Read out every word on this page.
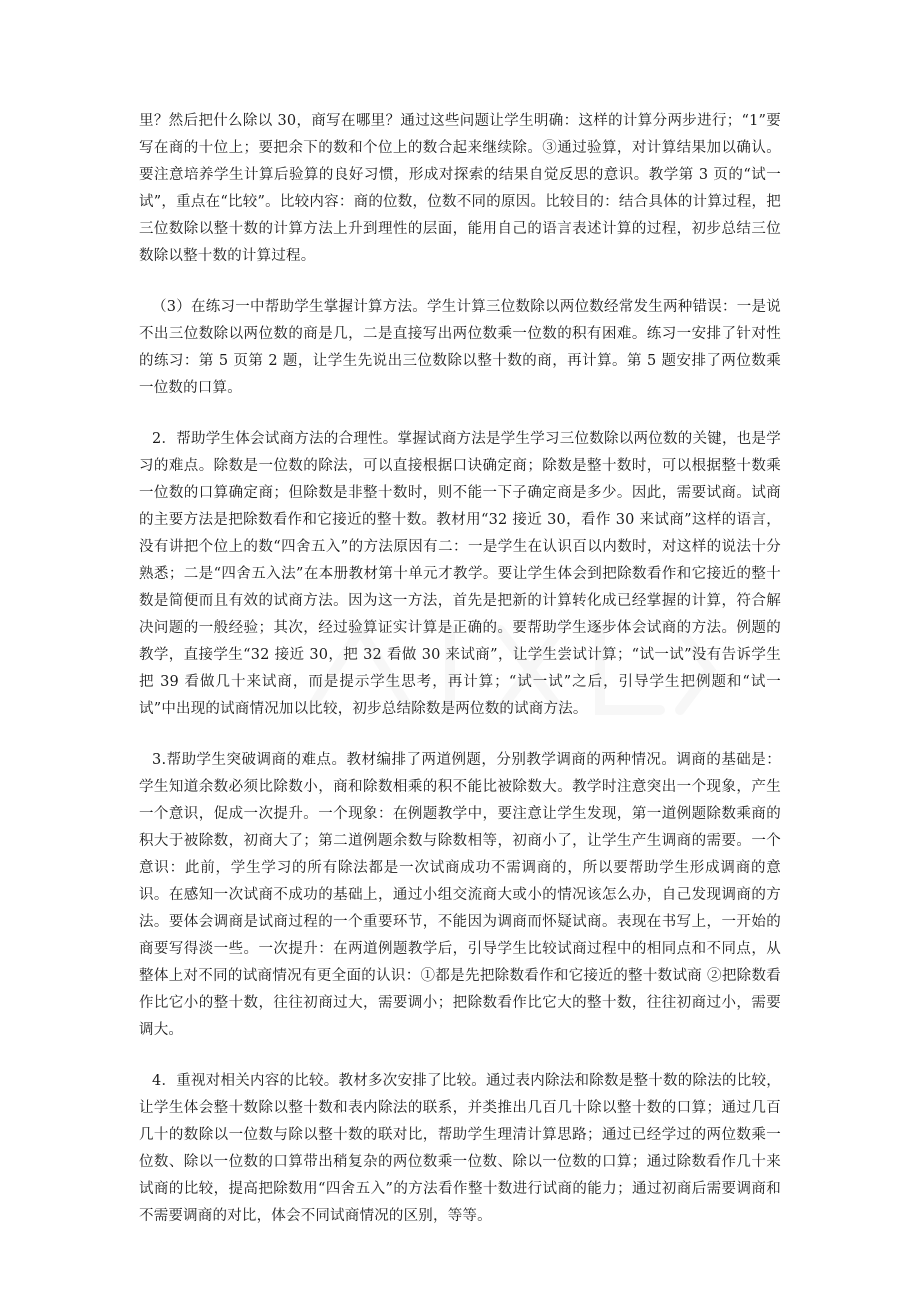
里？然后把什么除以 30，商写在哪里？通过这些问题让学生明确：这样的计算分两步进行；“1”要写在商的十位上；要把余下的数和个位上的数合起来继续除。③通过验算，对计算结果加以确认。要注意培养学生计算后验算的良好习惯，形成对探索的结果自觉反思的意识。教学第 3 页的“试一试”，重点在“比较”。比较内容：商的位数，位数不同的原因。比较目的：结合具体的计算过程，把三位数除以整十数的计算方法上升到理性的层面，能用自己的语言表述计算的过程，初步总结三位数除以整十数的计算过程。

（3）在练习一中帮助学生掌握计算方法。学生计算三位数除以两位数经常发生两种错误：一是说不出三位数除以两位数的商是几，二是直接写出两位数乘一位数的积有困难。练习一安排了针对性的练习：第 5 页第 2 题，让学生先说出三位数除以整十数的商，再计算。第 5 题安排了两位数乘一位数的口算。

2．帮助学生体会试商方法的合理性。掌握试商方法是学生学习三位数除以两位数的关键，也是学习的难点。除数是一位数的除法，可以直接根据口诀确定商；除数是整十数时，可以根据整十数乘一位数的口算确定商；但除数是非整十数时，则不能一下子确定商是多少。因此，需要试商。试商的主要方法是把除数看作和它接近的整十数。教材用“32 接近 30，看作 30 来试商”这样的语言，没有讲把个位上的数“四舍五入”的方法原因有二：一是学生在认识百以内数时，对这样的说法十分熟悉；二是“四舍五入法”在本册教材第十单元才教学。要让学生体会到把除数看作和它接近的整十数是简便而且有效的试商方法。因为这一方法，首先是把新的计算转化成已经掌握的计算，符合解决问题的一般经验；其次，经过验算证实计算是正确的。要帮助学生逐步体会试商的方法。例题的教学，直接学生“32 接近 30，把 32 看做 30 来试商”，让学生尝试计算；“试一试”没有告诉学生把 39 看做几十来试商，而是提示学生思考，再计算；“试一试”之后，引导学生把例题和“试一试”中出现的试商情况加以比较，初步总结除数是两位数的试商方法。

3.帮助学生突破调商的难点。教材编排了两道例题，分别教学调商的两种情况。调商的基础是：学生知道余数必须比除数小，商和除数相乘的积不能比被除数大。教学时注意突出一个现象，产生一个意识，促成一次提升。一个现象：在例题教学中，要注意让学生发现，第一道例题除数乘商的积大于被除数，初商大了；第二道例题余数与除数相等，初商小了，让学生产生调商的需要。一个意识：此前，学生学习的所有除法都是一次试商成功不需调商的，所以要帮助学生形成调商的意识。在感知一次试商不成功的基础上，通过小组交流商大或小的情况该怎么办，自己发现调商的方法。要体会调商是试商过程的一个重要环节，不能因为调商而怀疑试商。表现在书写上，一开始的商要写得淡一些。一次提升：在两道例题教学后，引导学生比较试商过程中的相同点和不同点，从整体上对不同的试商情况有更全面的认识：①都是先把除数看作和它接近的整十数试商 ②把除数看作比它小的整十数，往往初商过大，需要调小；把除数看作比它大的整十数，往往初商过小，需要调大。

4．重视对相关内容的比较。教材多次安排了比较。通过表内除法和除数是整十数的除法的比较，让学生体会整十数除以整十数和表内除法的联系，并类推出几百几十除以整十数的口算；通过几百几十的数除以一位数与除以整十数的联对比，帮助学生理清计算思路；通过已经学过的两位数乘一位数、除以一位数的口算带出稍复杂的两位数乘一位数、除以一位数的口算；通过除数看作几十来试商的比较，提高把除数用“四舍五入”的方法看作整十数进行试商的能力；通过初商后需要调商和不需要调商的对比，体会不同试商情况的区别，等等。
